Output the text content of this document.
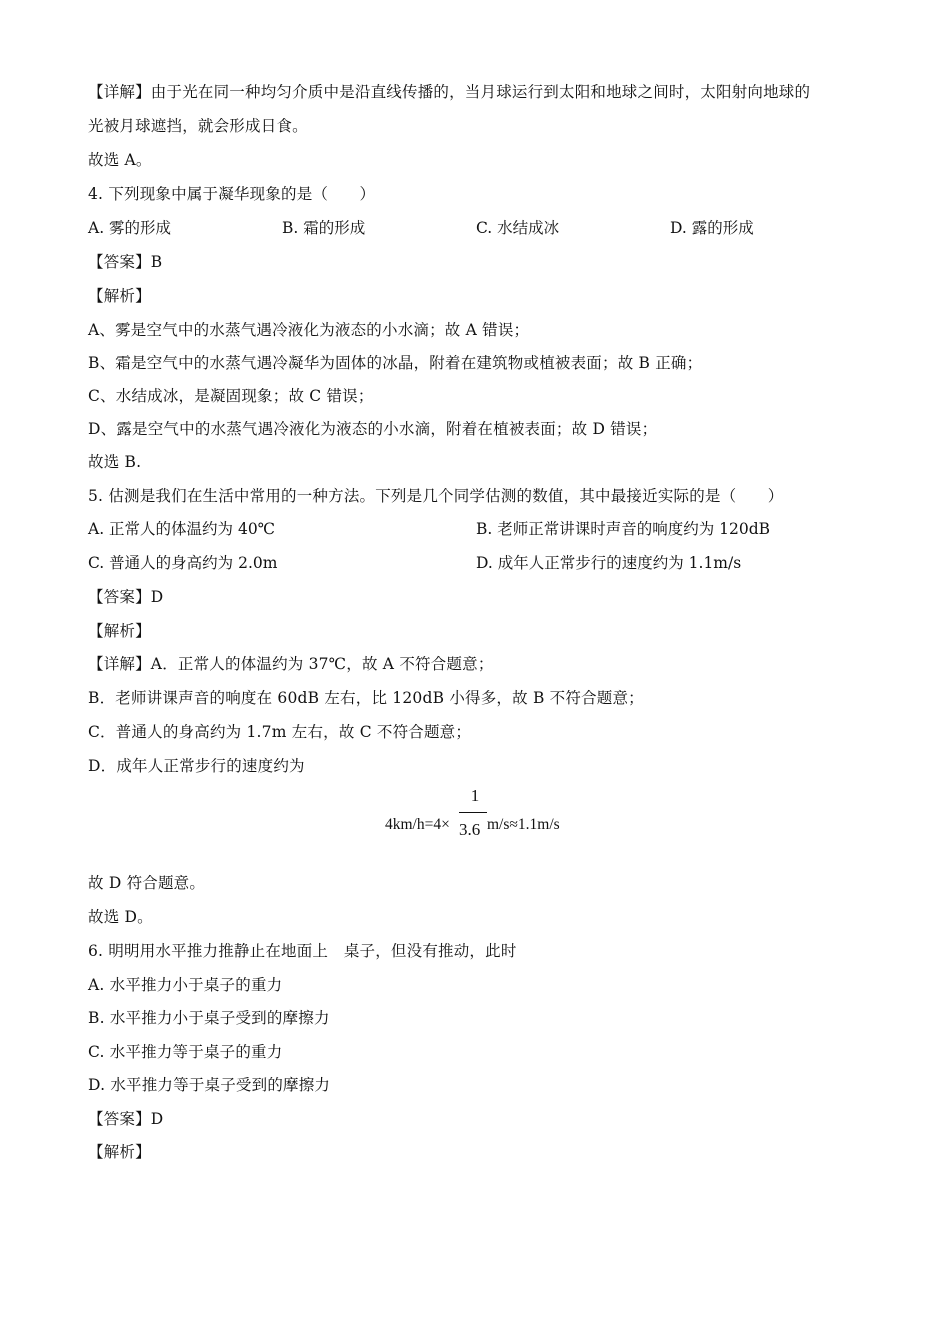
【详解】由于光在同一种均匀介质中是沿直线传播的，当月球运行到太阳和地球之间时，太阳射向地球的
光被月球遮挡，就会形成日食。
故选 A。
4. 下列现象中属于凝华现象的是（　　）
A. 雾的形成	B. 霜的形成	C. 水结成冰	D. 露的形成
【答案】B
【解析】
A、雾是空气中的水蒸气遇冷液化为液态的小水滴；故 A 错误；
B、霜是空气中的水蒸气遇冷凝华为固体的冰晶，附着在建筑物或植被表面；故 B 正确；
C、水结成冰，是凝固现象；故 C 错误；
D、露是空气中的水蒸气遇冷液化为液态的小水滴，附着在植被表面；故 D 错误；
故选 B.
5. 估测是我们在生活中常用的一种方法。下列是几个同学估测的数值，其中最接近实际的是（　　）
A. 正常人的体温约为 40℃	B. 老师正常讲课时声音的响度约为 120dB
C. 普通人的身高约为 2.0m	D. 成年人正常步行的速度约为 1.1m/s
【答案】D
【解析】
【详解】A．正常人的体温约为 37℃，故 A 不符合题意；
B．老师讲课声音的响度在 60dB 左右，比 120dB 小得多，故 B 不符合题意；
C．普通人的身高约为 1.7m 左右，故 C 不符合题意；
D．成年人正常步行的速度约为
4km/h=4×
1
3.6 m/s≈1.1m/s
故 D 符合题意。
故选 D。
6. 明明用水平推力推静止在地面上　桌子，但没有推动，此时
A. 水平推力小于桌子的重力
B. 水平推力小于桌子受到的摩擦力
C. 水平推力等于桌子的重力
D. 水平推力等于桌子受到的摩擦力
【答案】D
【解析】
